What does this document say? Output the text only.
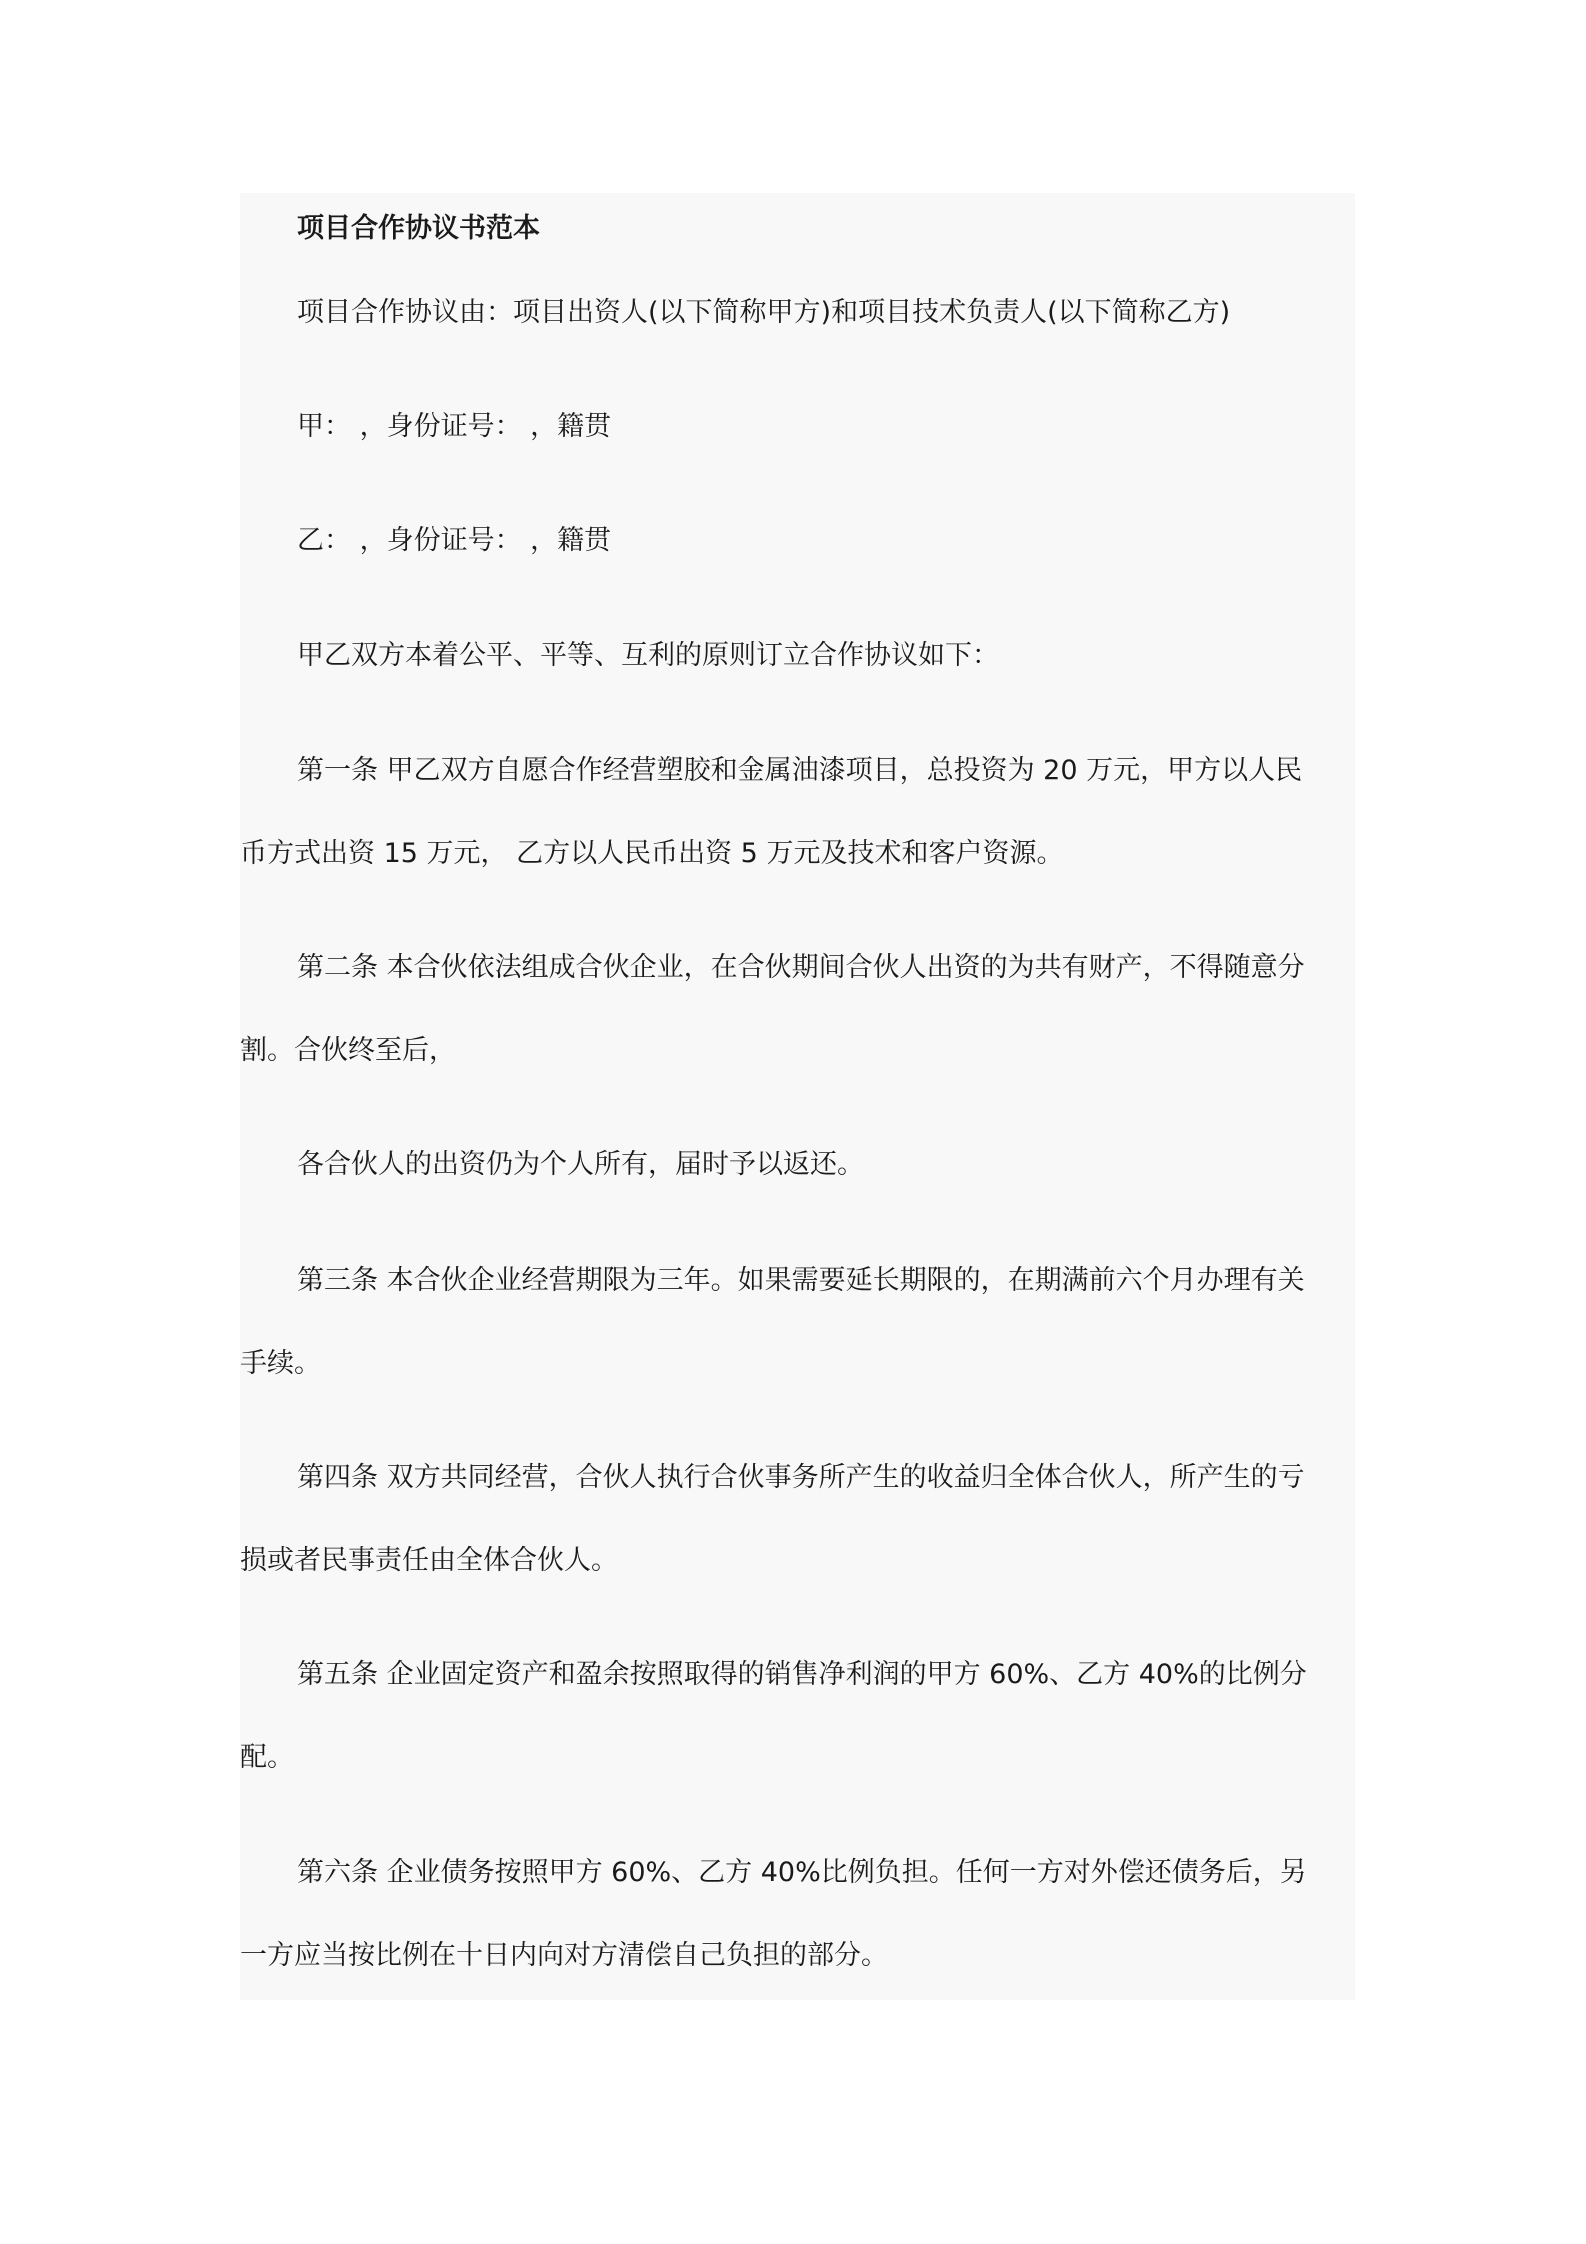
项目合作协议书范本

项目合作协议由：项目出资人(以下简称甲方)和项目技术负责人(以下简称乙方)

甲： ，身份证号： ，籍贯

乙： ，身份证号： ，籍贯

甲乙双方本着公平、平等、互利的原则订立合作协议如下：

第一条 甲乙双方自愿合作经营塑胶和金属油漆项目，总投资为 20 万元，甲方以人民

币方式出资 15 万元， 乙方以人民币出资 5 万元及技术和客户资源。

第二条 本合伙依法组成合伙企业，在合伙期间合伙人出资的为共有财产，不得随意分

割。合伙终至后，

各合伙人的出资仍为个人所有，届时予以返还。

第三条 本合伙企业经营期限为三年。如果需要延长期限的，在期满前六个月办理有关

手续。

第四条 双方共同经营，合伙人执行合伙事务所产生的收益归全体合伙人，所产生的亏

损或者民事责任由全体合伙人。

第五条 企业固定资产和盈余按照取得的销售净利润的甲方 60%、乙方 40%的比例分

配。

第六条 企业债务按照甲方 60%、乙方 40%比例负担。任何一方对外偿还债务后，另

一方应当按比例在十日内向对方清偿自己负担的部分。
